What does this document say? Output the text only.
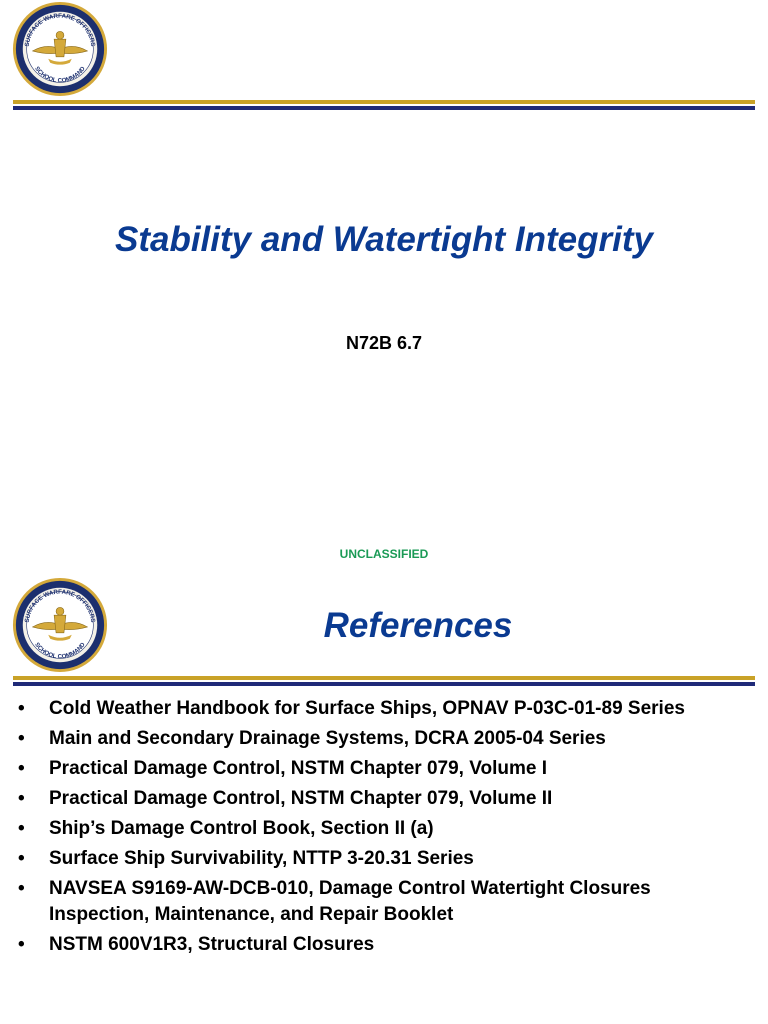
SURFACE WARFARE OFFICERS
SCHOOL COMMAND
Stability and Watertight Integrity

N72B 6.7

UNCLASSIFIED

SURFACE WARFARE OFFICERS
SCHOOL COMMAND
References
•	Cold Weather Handbook for Surface Ships, OPNAV P-03C-01-89 Series
•	Main and Secondary Drainage Systems, DCRA 2005-04 Series
•	Practical Damage Control, NSTM Chapter 079, Volume I
•	Practical Damage Control, NSTM Chapter 079, Volume II
•	Ship’s Damage Control Book, Section II (a)
•	Surface Ship Survivability, NTTP 3-20.31 Series
•	NAVSEA S9169-AW-DCB-010, Damage Control Watertight Closures Inspection, Maintenance, and Repair Booklet
•	NSTM 600V1R3, Structural Closures
